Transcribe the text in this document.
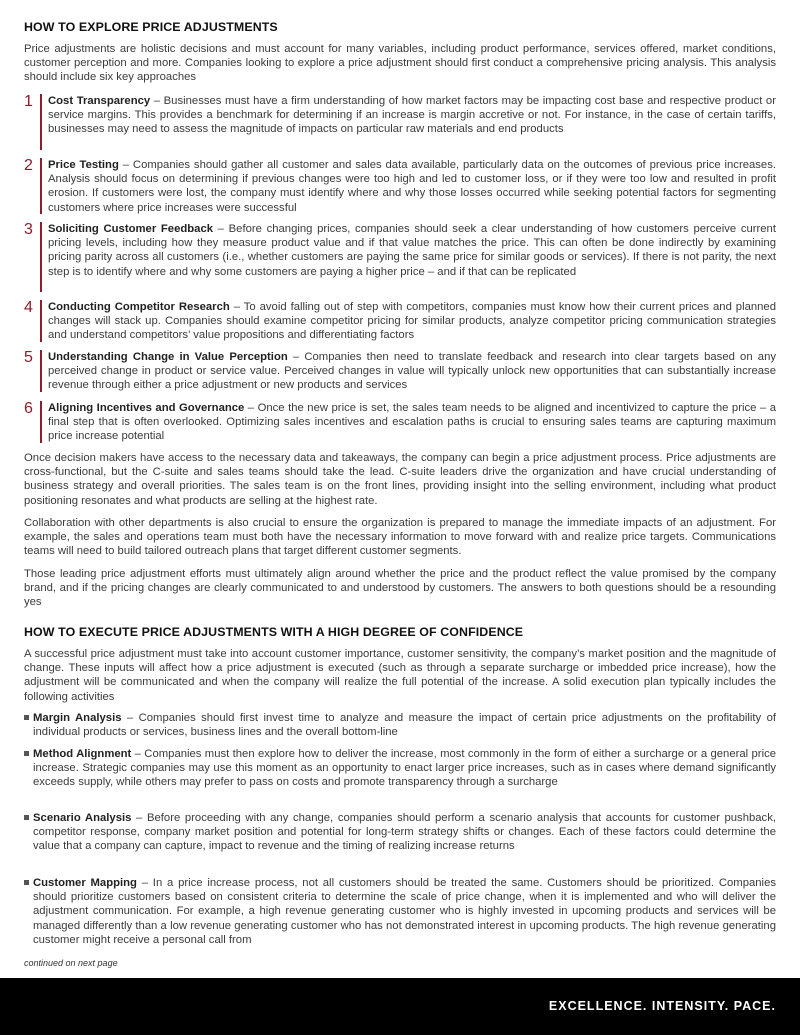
HOW TO EXPLORE PRICE ADJUSTMENTS

Price adjustments are holistic decisions and must account for many variables, including product performance, services offered, market conditions, customer perception and more. Companies looking to explore a price adjustment should first conduct a comprehensive pricing analysis. This analysis should include six key approaches

1 Cost Transparency – Businesses must have a firm understanding of how market factors may be impacting cost base and respective product or service margins. This provides a benchmark for determining if an increase is margin accretive or not. For instance, in the case of certain tariffs, businesses may need to assess the magnitude of impacts on particular raw materials and end products

2 Price Testing – Companies should gather all customer and sales data available, particularly data on the outcomes of previous price increases. Analysis should focus on determining if previous changes were too high and led to customer loss, or if they were too low and resulted in profit erosion. If customers were lost, the company must identify where and why those losses occurred while seeking potential factors for segmenting customers where price increases were successful

3 Soliciting Customer Feedback – Before changing prices, companies should seek a clear understanding of how customers perceive current pricing levels, including how they measure product value and if that value matches the price. This can often be done indirectly by examining pricing parity across all customers (i.e., whether customers are paying the same price for similar goods or services). If there is not parity, the next step is to identify where and why some customers are paying a higher price – and if that can be replicated

4 Conducting Competitor Research – To avoid falling out of step with competitors, companies must know how their current prices and planned changes will stack up. Companies should examine competitor pricing for similar products, analyze competitor pricing communication strategies and understand competitors’ value propositions and differentiating factors

5 Understanding Change in Value Perception – Companies then need to translate feedback and research into clear targets based on any perceived change in product or service value. Perceived changes in value will typically unlock new opportunities that can substantially increase revenue through either a price adjustment or new products and services

6 Aligning Incentives and Governance – Once the new price is set, the sales team needs to be aligned and incentivized to capture the price – a final step that is often overlooked. Optimizing sales incentives and escalation paths is crucial to ensuring sales teams are capturing maximum price increase potential

Once decision makers have access to the necessary data and takeaways, the company can begin a price adjustment process. Price adjustments are cross-functional, but the C-suite and sales teams should take the lead. C-suite leaders drive the organization and have crucial understanding of business strategy and overall priorities. The sales team is on the front lines, providing insight into the selling environment, including what product positioning resonates and what products are selling at the highest rate.

Collaboration with other departments is also crucial to ensure the organization is prepared to manage the immediate impacts of an adjustment. For example, the sales and operations team must both have the necessary information to move forward with and realize price targets. Communications teams will need to build tailored outreach plans that target different customer segments.

Those leading price adjustment efforts must ultimately align around whether the price and the product reflect the value promised by the company brand, and if the pricing changes are clearly communicated to and understood by customers. The answers to both questions should be a resounding yes

HOW TO EXECUTE PRICE ADJUSTMENTS WITH A HIGH DEGREE OF CONFIDENCE

A successful price adjustment must take into account customer importance, customer sensitivity, the company’s market position and the magnitude of change. These inputs will affect how a price adjustment is executed (such as through a separate surcharge or imbedded price increase), how the adjustment will be communicated and when the company will realize the full potential of the increase. A solid execution plan typically includes the following activities

Margin Analysis – Companies should first invest time to analyze and measure the impact of certain price adjustments on the profitability of individual products or services, business lines and the overall bottom-line

Method Alignment – Companies must then explore how to deliver the increase, most commonly in the form of either a surcharge or a general price increase. Strategic companies may use this moment as an opportunity to enact larger price increases, such as in cases where demand significantly exceeds supply, while others may prefer to pass on costs and promote transparency through a surcharge

Scenario Analysis – Before proceeding with any change, companies should perform a scenario analysis that accounts for customer pushback, competitor response, company market position and potential for long-term strategy shifts or changes. Each of these factors could determine the value that a company can capture, impact to revenue and the timing of realizing increase returns

Customer Mapping – In a price increase process, not all customers should be treated the same. Customers should be prioritized. Companies should prioritize customers based on consistent criteria to determine the scale of price change, when it is implemented and who will deliver the adjustment communication. For example, a high revenue generating customer who is highly invested in upcoming products and services will be managed differently than a low revenue generating customer who has not demonstrated interest in upcoming products. The high revenue generating customer might receive a personal call from

continued on next page
EXCELLENCE. INTENSITY. PACE.
